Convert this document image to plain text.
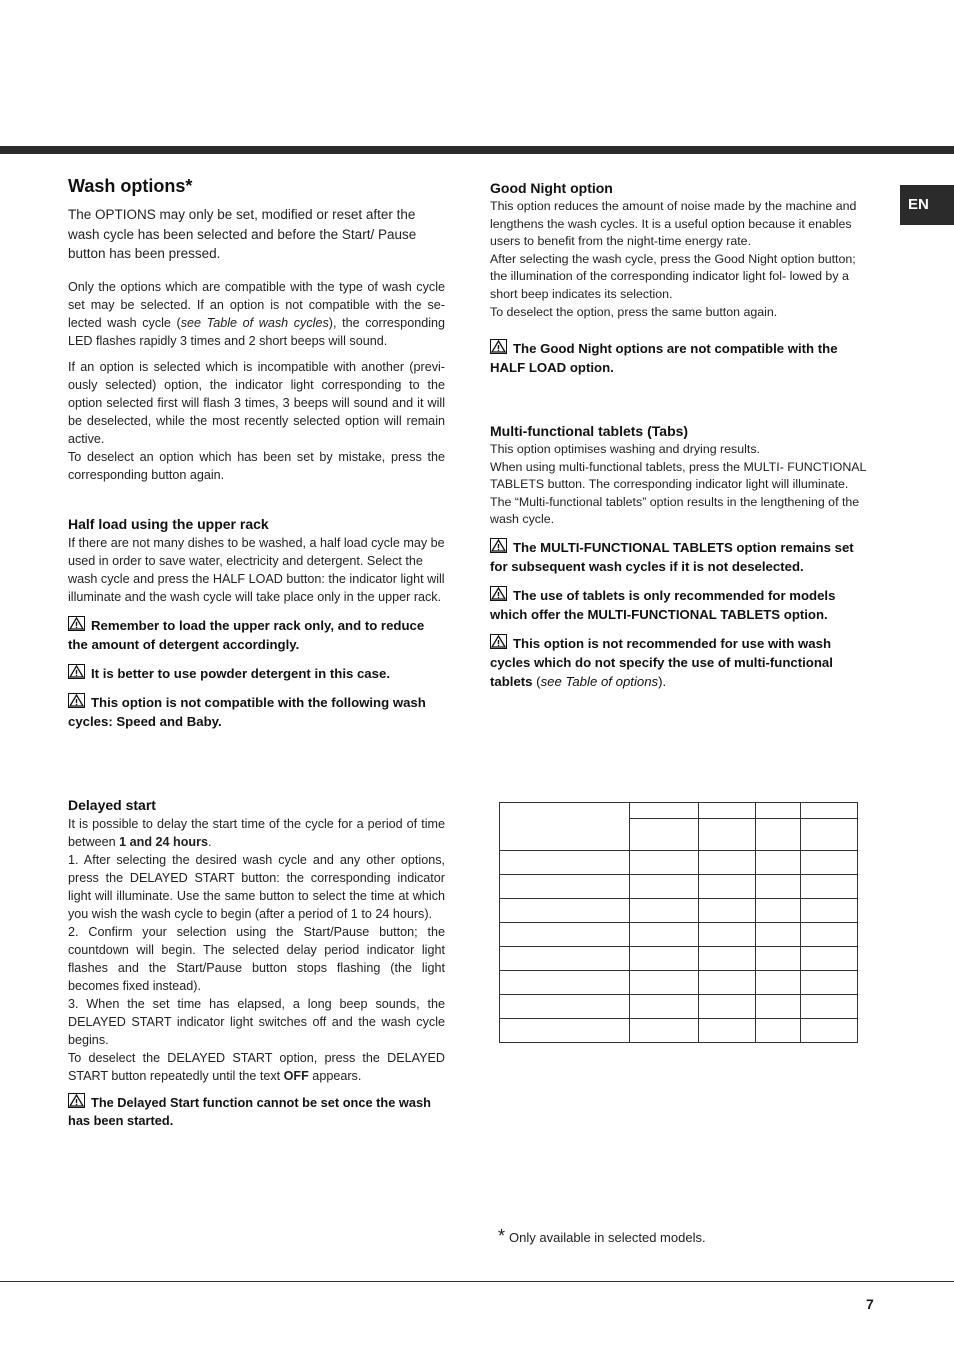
EN
Wash options*

The OPTIONS may only be set, modified or reset after the wash cycle has been selected and before the Start/ Pause button has been pressed.

Only the options which are compatible with the type of wash cycle set may be selected. If an option is not compatible with the se- lected wash cycle (see Table of wash cycles), the corresponding LED flashes rapidly 3 times and 2 short beeps will sound.

If an option is selected which is incompatible with another (previ- ously selected) option, the indicator light corresponding to the option selected first will flash 3 times, 3 beeps will sound and it will be deselected, while the most recently selected option will remain active.

To deselect an option which has been set by mistake, press the corresponding button again.

Half load using the upper rack

If there are not many dishes to be washed, a half load cycle may be used in order to save water, electricity and detergent. Select the wash cycle and press the HALF LOAD button: the indicator light will illuminate and the wash cycle will take place only in the upper rack.

Remember to load the upper rack only, and to reduce the amount of detergent accordingly.

It is better to use powder detergent in this case.

This option is not compatible with the following wash cycles: Speed and Baby.

Delayed start

It is possible to delay the start time of the cycle for a period of time between 1 and 24 hours.

1. After selecting the desired wash cycle and any other options, press the DELAYED START button: the corresponding indicator light will illuminate. Use the same button to select the time at which you wish the wash cycle to begin (after a period of 1 to 24 hours).

2. Confirm your selection using the Start/Pause button; the countdown will begin. The selected delay period indicator light flashes and the Start/Pause button stops flashing (the light becomes fixed instead).

3. When the set time has elapsed, a long beep sounds, the DELAYED START indicator light switches off and the wash cycle begins.

To deselect the DELAYED START option, press the DELAYED START button repeatedly until the text OFF appears.

The Delayed Start function cannot be set once the wash has been started.

Good Night option

This option reduces the amount of noise made by the machine and lengthens the wash cycles. It is a useful option because it enables users to benefit from the night-time energy rate.

After selecting the wash cycle, press the Good Night option button; the illumination of the corresponding indicator light fol- lowed by a short beep indicates its selection.

To deselect the option, press the same button again.

The Good Night options are not compatible with the HALF LOAD option.

Multi-functional tablets (Tabs)

This option optimises washing and drying results.

When using multi-functional tablets, press the MULTI- FUNCTIONAL TABLETS button. The corresponding indicator light will illuminate. The “Multi-functional tablets” option results in the lengthening of the wash cycle.

The MULTI-FUNCTIONAL TABLETS option remains set for subsequent wash cycles if it is not deselected.

The use of tablets is only recommended for models which offer the MULTI-FUNCTIONAL TABLETS option.

This option is not recommended for use with wash cycles which do not specify the use of multi-functional tablets (see Table of options).

* Only available in selected models.
7
